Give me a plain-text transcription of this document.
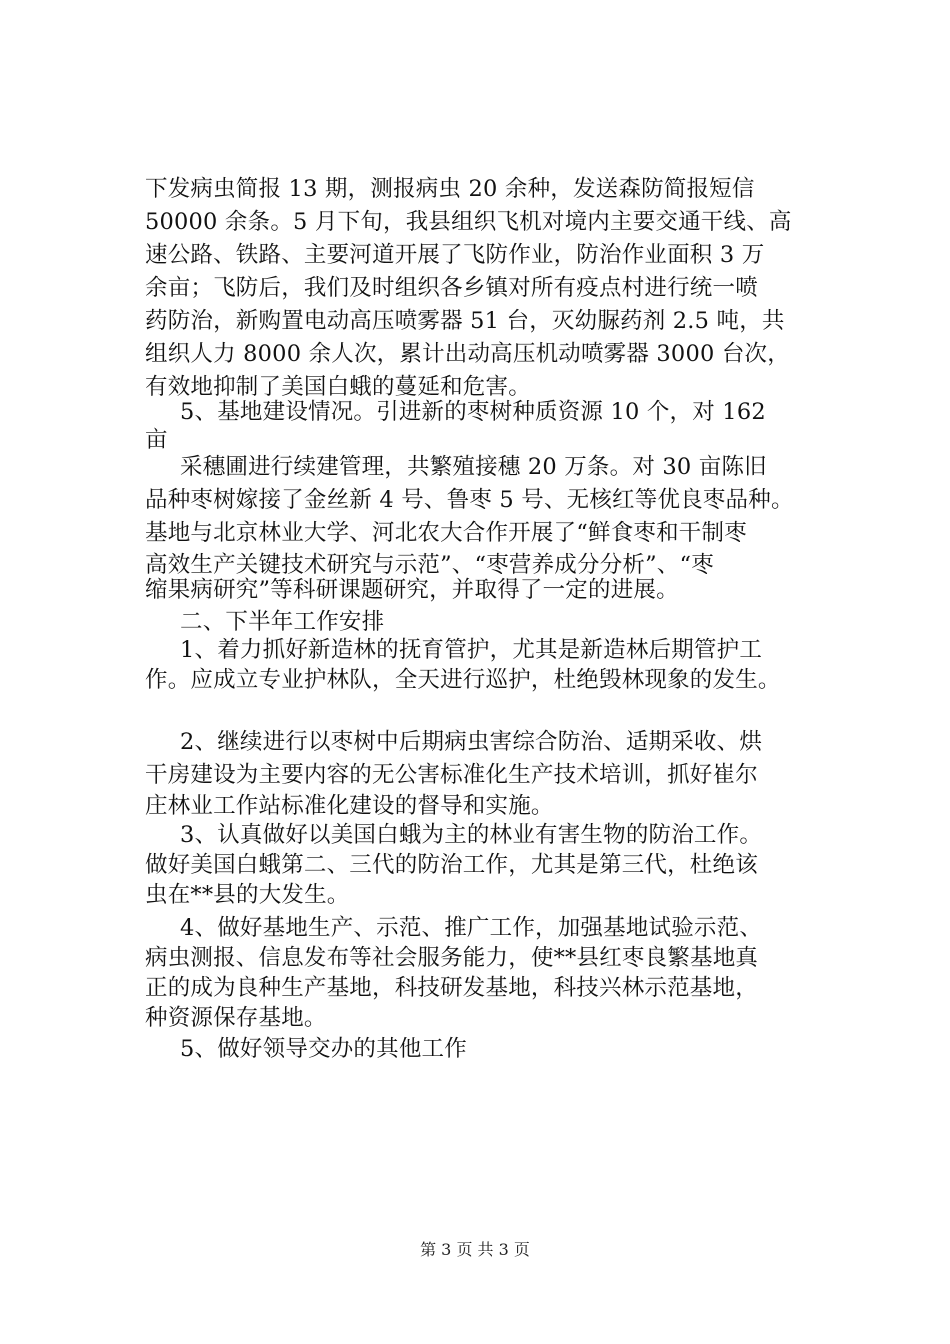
下发病虫简报 13 期，测报病虫 20 余种，发送森防简报短信
50000 余条。5 月下旬，我县组织飞机对境内主要交通干线、高
速公路、铁路、主要河道开展了飞防作业，防治作业面积 3 万
余亩；飞防后，我们及时组织各乡镇对所有疫点村进行统一喷
药防治，新购置电动高压喷雾器 51 台，灭幼脲药剂 2.5 吨，共
组织人力 8000 余人次，累计出动高压机动喷雾器 3000 台次，
有效地抑制了美国白蛾的蔓延和危害。
5、基地建设情况。引进新的枣树种质资源 10 个，对 162
亩
采穗圃进行续建管理，共繁殖接穗 20 万条。对 30 亩陈旧
品种枣树嫁接了金丝新 4 号、鲁枣 5 号、无核红等优良枣品种。
基地与北京林业大学、河北农大合作开展了“鲜食枣和干制枣
高效生产关键技术研究与示范”、“枣营养成分分析”、“枣
缩果病研究”等科研课题研究，并取得了一定的进展。
二、下半年工作安排
1、着力抓好新造林的抚育管护，尤其是新造林后期管护工
作。应成立专业护林队，全天进行巡护，杜绝毁林现象的发生。
2、继续进行以枣树中后期病虫害综合防治、适期采收、烘
干房建设为主要内容的无公害标准化生产技术培训，抓好崔尔
庄林业工作站标准化建设的督导和实施。
3、认真做好以美国白蛾为主的林业有害生物的防治工作。
做好美国白蛾第二、三代的防治工作，尤其是第三代，杜绝该
虫在**县的大发生。
4、做好基地生产、示范、推广工作，加强基地试验示范、
病虫测报、信息发布等社会服务能力，使**县红枣良繁基地真
正的成为良种生产基地，科技研发基地，科技兴林示范基地，
种资源保存基地。
5、做好领导交办的其他工作
第 3 页 共 3 页
